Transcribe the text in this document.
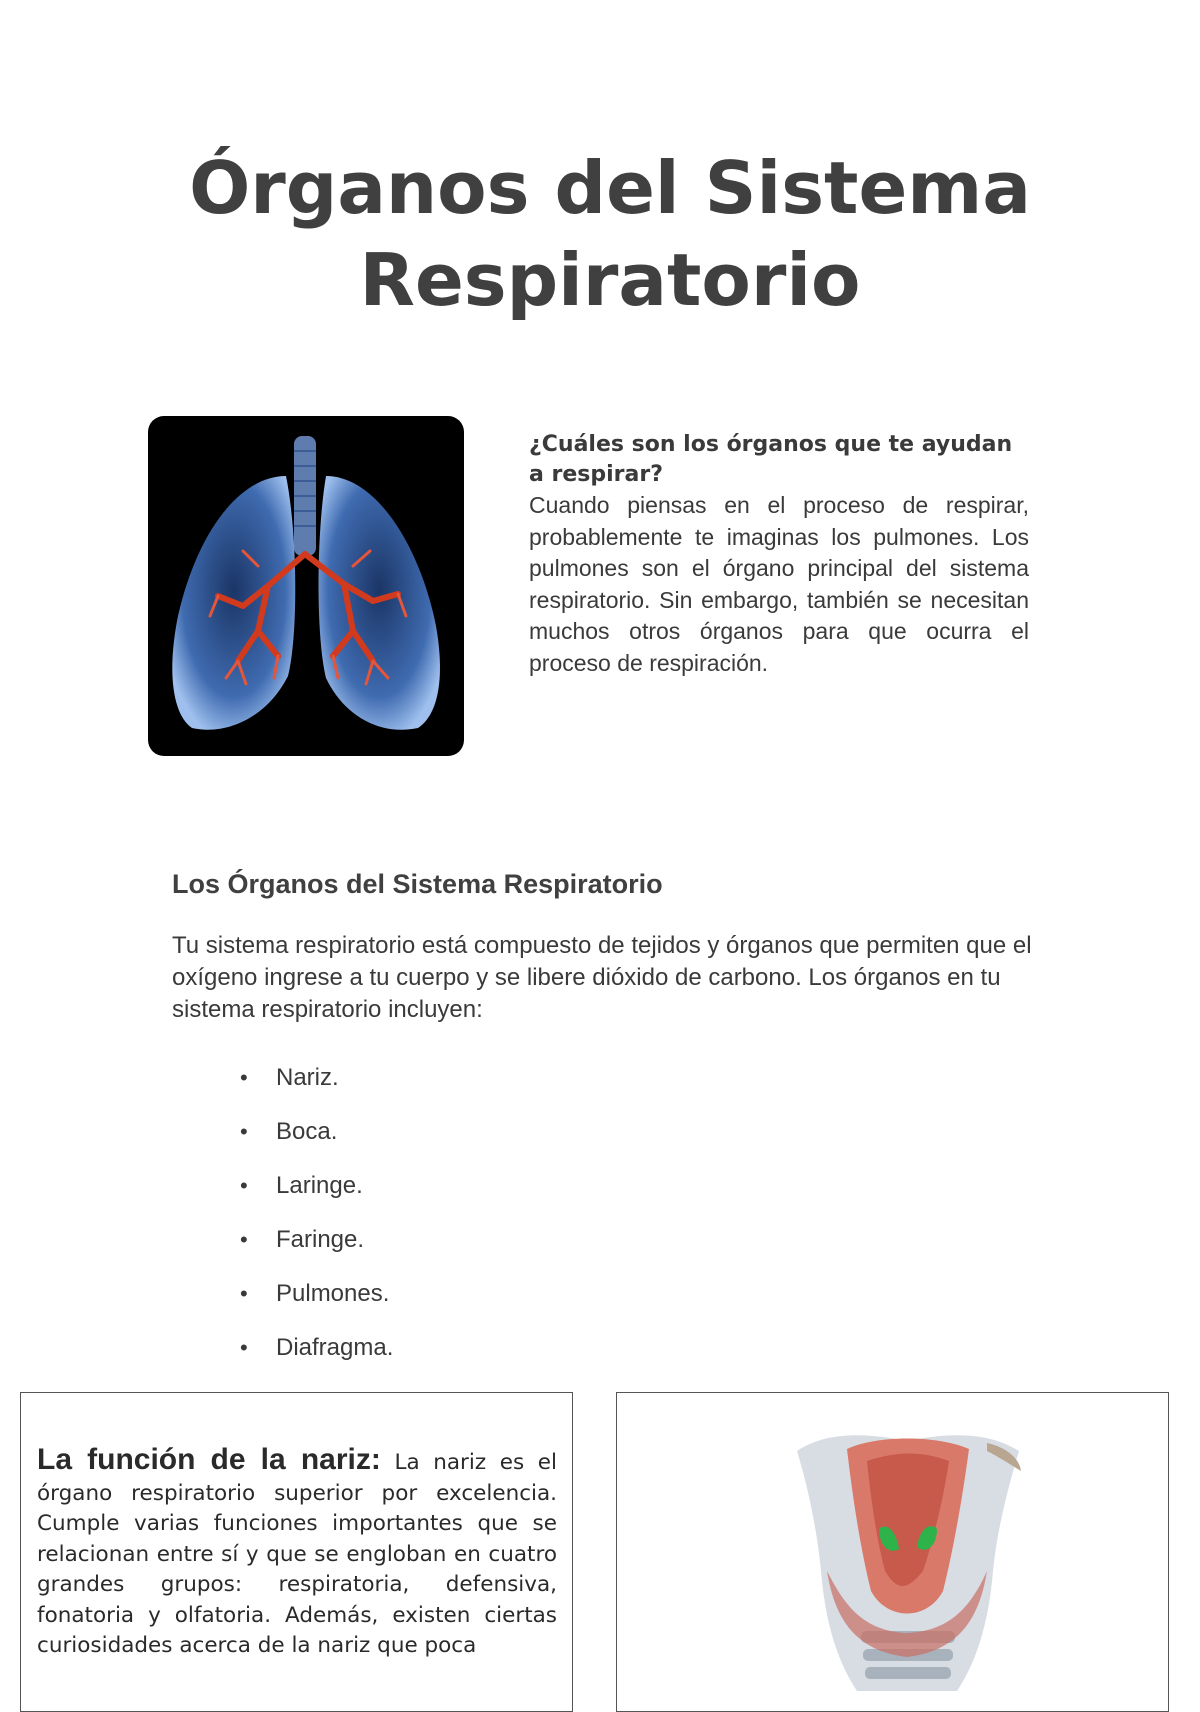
Órganos del Sistema Respiratorio

¿Cuáles son los órganos que te ayudan a respirar?

Cuando piensas en el proceso de respirar, probablemente te imaginas los pulmones. Los pulmones son el órgano principal del sistema respiratorio. Sin embargo, también se necesitan muchos otros órganos para que ocurra el proceso de respiración.

Los Órganos del Sistema Respiratorio

Tu sistema respiratorio está compuesto de tejidos y órganos que permiten que el oxígeno ingrese a tu cuerpo y se libere dióxido de carbono. Los órganos en tu sistema respiratorio incluyen:

• Nariz.
• Boca.
• Laringe.
• Faringe.
• Pulmones.
• Diafragma.

La función de la nariz: La nariz es el órgano respiratorio superior por excelencia. Cumple varias funciones importantes que se relacionan entre sí y que se engloban en cuatro grandes grupos: respiratoria, defensiva, fonatoria y olfatoria. Además, existen ciertas curiosidades acerca de la nariz que poca
